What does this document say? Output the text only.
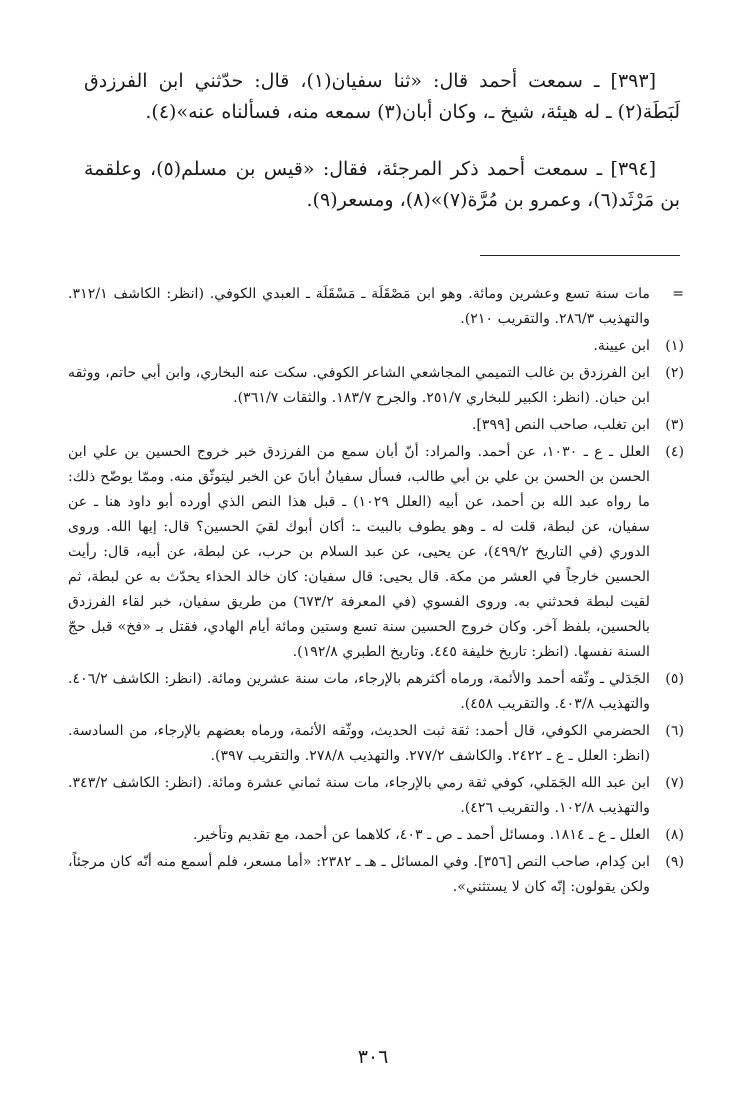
[٣٩٣] ـ سمعت أحمد قال: «ثنا سفيان(١)، قال: حدّثني ابن الفرزدق لَبَطَة(٢) ـ له هيئة، شيخ ـ، وكان أبان(٣) سمعه منه، فسألناه عنه»(٤).

[٣٩٤] ـ سمعت أحمد ذكر المرجئة، فقال: «قيس بن مسلم(٥)، وعلقمة بن مَرْثَد(٦)، وعمرو بن مُرَّة(٧)»(٨)، ومسعر(٩).

=
مات سنة تسع وعشرين ومائة. وهو ابن مَصْقَلَة ـ مَسْقَلَة ـ العبدي الكوفي. (انظر: الكاشف ٣١٢/١. والتهذيب ٢٨٦/٣. والتقريب ٢١٠).
(١)
ابن عيينة.
(٢)
ابن الفرزدق بن غالب التميمي المجاشعي الشاعر الكوفي. سكت عنه البخاري، وابن أبي حاتم، ووثقه ابن حبان. (انظر: الكبير للبخاري ٢٥١/٧. والجرح ١٨٣/٧. والثقات ٣٦١/٧).
(٣)
ابن تغلب، صاحب النص [٣٩٩].
(٤)
العلل ـ ع ـ ١٠٣٠، عن أحمد. والمراد: أنّ أبان سمع من الفرزدق خبر خروج الحسين بن علي ابن الحسن بن الحسن بن علي بن أبي طالب، فسأل سفيانُ أبانَ عن الخبر ليتوثّق منه. وممّا يوضّح ذلك: ما رواه عبد الله بن أحمد، عن أبيه (العلل ١٠٢٩) ـ قبل هذا النص الذي أورده أبو داود هنا ـ عن سفيان، عن لبطة، قلت له ـ وهو يطوف بالبيت ـ: أكان أبوك لقيَ الحسين؟ قال: إيها الله. وروى الدوري (في التاريخ ٤٩٩/٢)، عن يحيى، عن عبد السلام بن حرب، عن لبطة، عن أبيه، قال: رأيت الحسين خارجاً في العشر من مكة. قال يحيى: قال سفيان: كان خالد الحذاء يحدّث به عن لبطة، ثم لقيت لبطة فحدثني به. وروى الفسوي (في المعرفة ٦٧٣/٢) من طريق سفيان، خبر لقاء الفرزدق بالحسين، بلفظ آخر. وكان خروج الحسين سنة تسع وستين ومائة أيام الهادي، فقتل بـ «فخ» قبل حجّ السنة نفسها. (انظر: تاريخ خليفة ٤٤٥. وتاريخ الطبري ١٩٢/٨).
(٥)
الجَدَلي ـ وثّقه أحمد والأئمة، ورماه أكثرهم بالإرجاء، مات سنة عشرين ومائة. (انظر: الكاشف ٤٠٦/٢. والتهذيب ٤٠٣/٨. والتقريب ٤٥٨).
(٦)
الحضرمي الكوفي، قال أحمد: ثقة ثبت الحديث، ووثّقه الأئمة، ورماه بعضهم بالإرجاء، من السادسة. (انظر: العلل ـ ع ـ ٢٤٢٢. والكاشف ٢٧٧/٢. والتهذيب ٢٧٨/٨. والتقريب ٣٩٧).
(٧)
ابن عبد الله الجَمَلي، كوفي ثقة رمي بالإرجاء، مات سنة ثماني عشرة ومائة. (انظر: الكاشف ٣٤٣/٢. والتهذيب ١٠٢/٨. والتقريب ٤٢٦).
(٨)
العلل ـ ع ـ ١٨١٤. ومسائل أحمد ـ ص ـ ٤٠٣، كلاهما عن أحمد، مع تقديم وتأخير.
(٩)
ابن كِدام، صاحب النص [٣٥٦]. وفي المسائل ـ هـ ـ ٢٣٨٢: «أما مسعر، فلم أسمع منه أنّه كان مرجئاً، ولكن يقولون: إنّه كان لا يستثني».
٣٠٦
